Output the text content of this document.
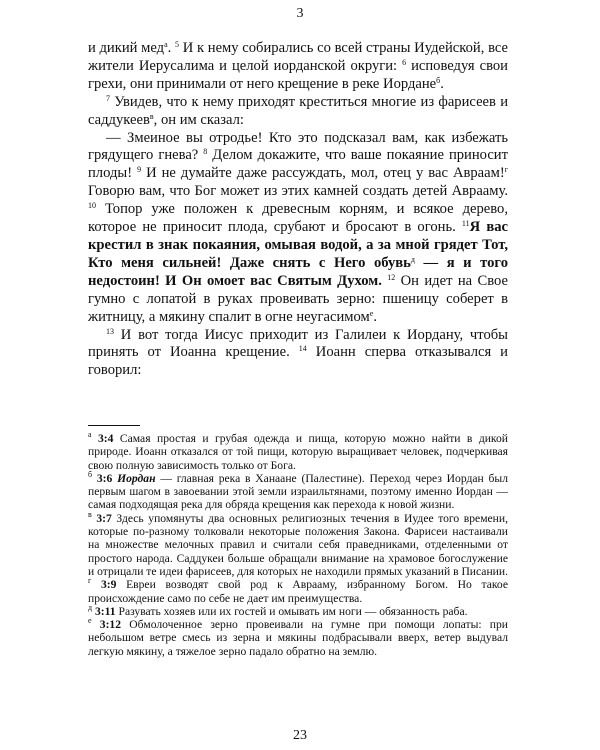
3

и дикий мед$^а$. $^5$ И к нему собирались со всей страны Иудейской, все жители Иерусалима и целой иорданской округи: $^6$ исповедуя свои грехи, они принимали от него крещение в реке Иордане$^б$.

$^7$ Увидев, что к нему приходят креститься многие из фарисеев и саддукеев$^в$, он им сказал:

— Змеиное вы отродье! Кто это подсказал вам, как избежать грядущего гнева? $^8$ Делом докажите, что ваше покаяние приносит плоды! $^9$ И не думайте даже рассуждать, мол, отец у вас Авраам!$^г$ Говорю вам, что Бог может из этих камней создать детей Аврааму. $^{10}$ Топор уже положен к древесным корням, и всякое дерево, которое не приносит плода, срубают и бросают в огонь. $^{11}$Я вас крестил в знак покаяния, омывая водой, а за мной грядет Тот, Кто меня сильней! Даже снять с Него обувь$^д$ — я и того недостоин! И Он омоет вас Святым Духом. $^{12}$ Он идет на Свое гумно с лопатой в руках провеивать зерно: пшеницу соберет в житницу, а мякину спалит в огне неугасимом$^е$.

$^{13}$ И вот тогда Иисус приходит из Галилеи к Иордану, чтобы принять от Иоанна крещение. $^{14}$ Иоанн сперва отказывался и говорил:

$^а$ 3:4 Самая простая и грубая одежда и пища, которую можно найти в дикой природе. Иоанн отказался от той пищи, которую выращивает человек, подчеркивая свою полную зависимость только от Бога.

$^б$ 3:6 Иордан — главная река в Ханаане (Палестине). Переход через Иордан был первым шагом в завоевании этой земли израильтянами, поэтому именно Иордан — самая подходящая река для обряда крещения как перехода к новой жизни.

$^в$ 3:7 Здесь упомянуты два основных религиозных течения в Иудее того времени, которые по-разному толковали некоторые положения Закона. Фарисеи настаивали на множестве мелочных правил и считали себя праведниками, отделенными от простого народа. Саддукеи больше обращали внимание на храмовое богослужение и отрицали те идеи фарисеев, для которых не находили прямых указаний в Писании.

$^г$ 3:9 Евреи возводят свой род к Аврааму, избранному Богом. Но такое происхождение само по себе не дает им преимущества.

$^д$ 3:11 Разувать хозяев или их гостей и омывать им ноги — обязанность раба.

$^е$ 3:12 Обмолоченное зерно провеивали на гумне при помощи лопаты: при небольшом ветре смесь из зерна и мякины подбрасывали вверх, ветер выдувал легкую мякину, а тяжелое зерно падало обратно на землю.

23
